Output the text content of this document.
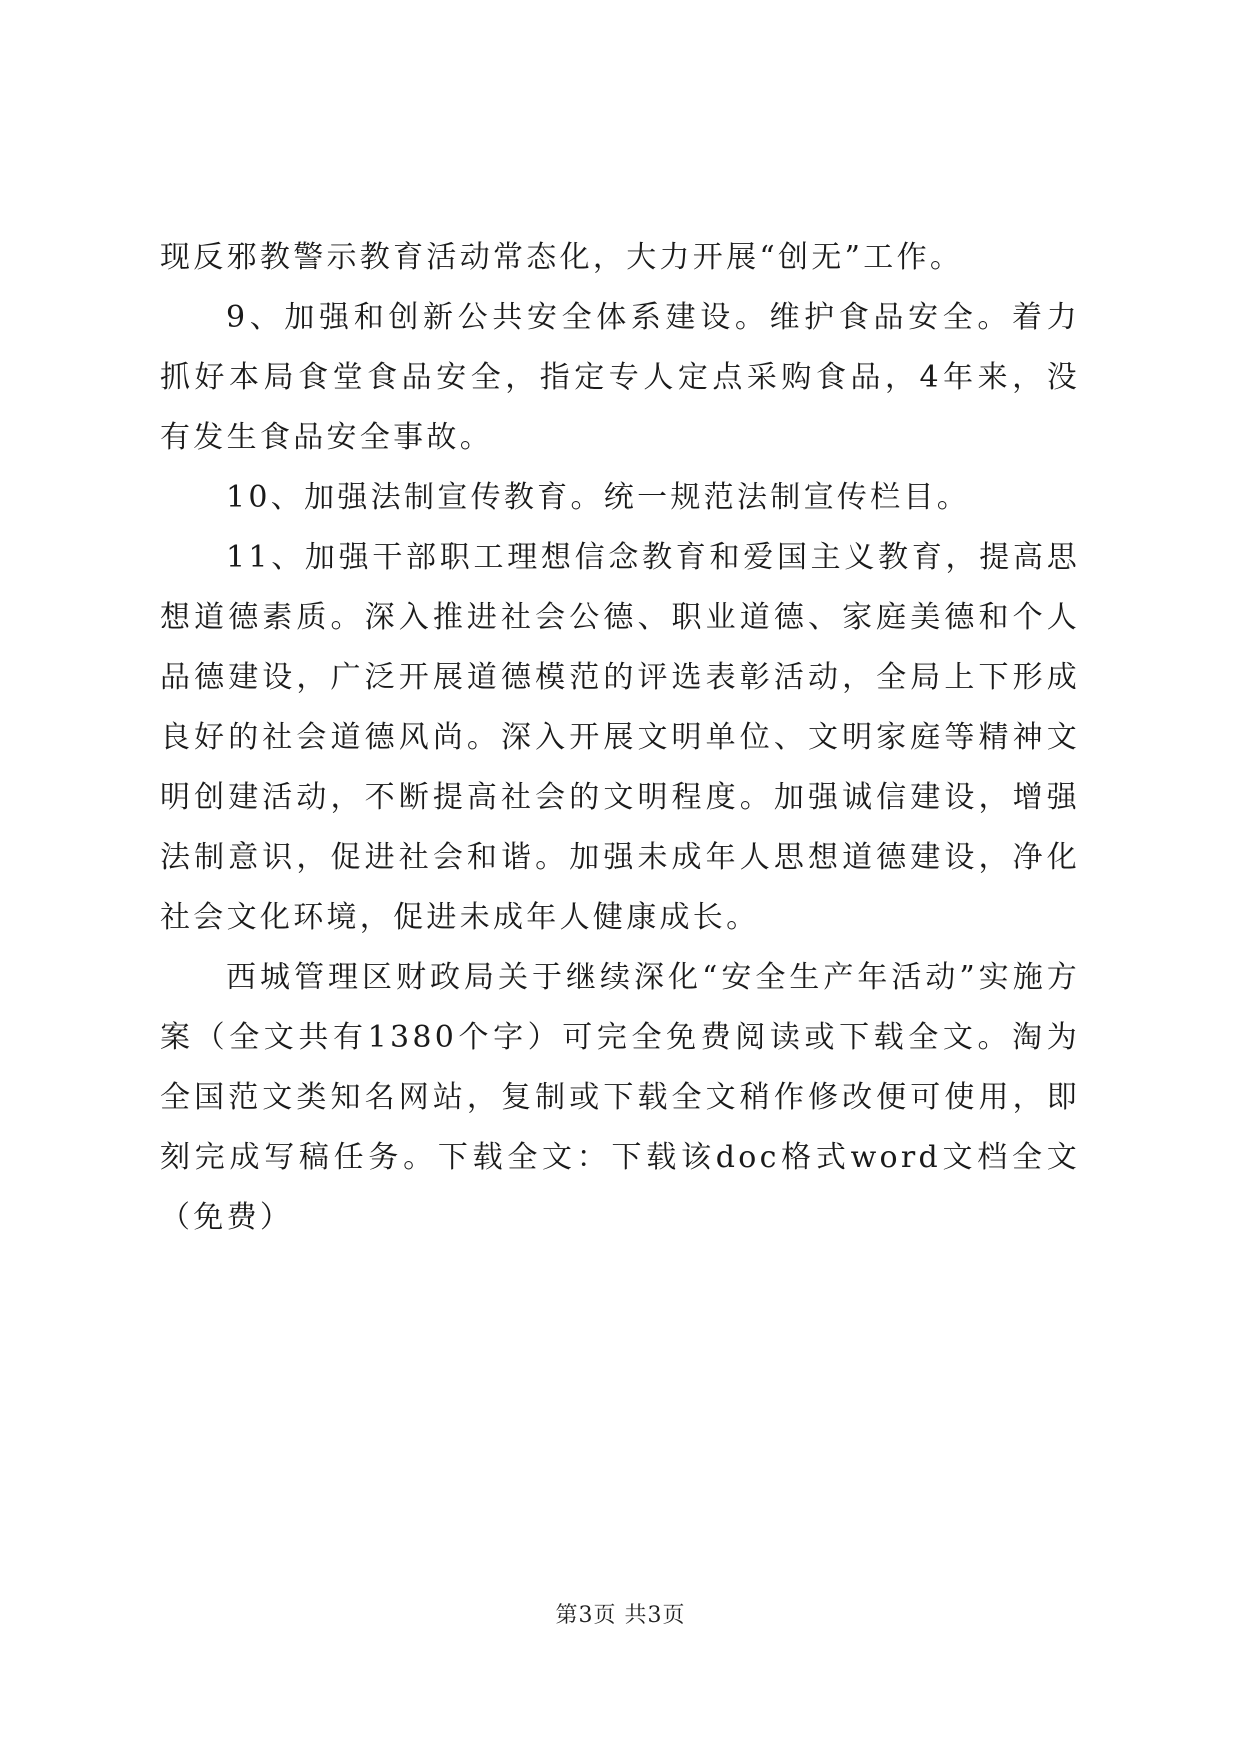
现反邪教警示教育活动常态化，大力开展“创无”工作。

9、加强和创新公共安全体系建设。维护食品安全。着力抓好本局食堂食品安全，指定专人定点采购食品，4年来，没有发生食品安全事故。

10、加强法制宣传教育。统一规范法制宣传栏目。

11、加强干部职工理想信念教育和爱国主义教育，提高思想道德素质。深入推进社会公德、职业道德、家庭美德和个人品德建设，广泛开展道德模范的评选表彰活动，全局上下形成良好的社会道德风尚。深入开展文明单位、文明家庭等精神文明创建活动，不断提高社会的文明程度。加强诚信建设，增强法制意识，促进社会和谐。加强未成年人思想道德建设，净化社会文化环境，促进未成年人健康成长。

西城管理区财政局关于继续深化“安全生产年活动”实施方案（全文共有1380个字）可完全免费阅读或下载全文。淘为全国范文类知名网站，复制或下载全文稍作修改便可使用，即刻完成写稿任务。下载全文：下载该doc格式word文档全文（免费）

第3页 共3页
